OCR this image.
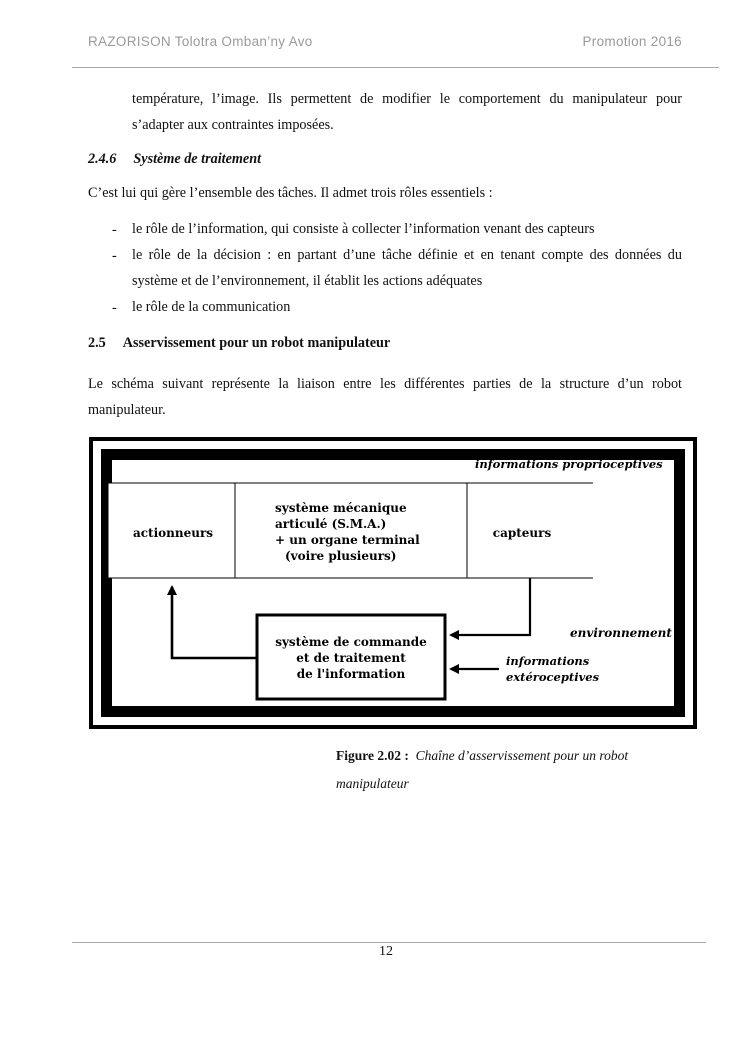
RAZORISON Tolotra Omban’ny Avo	Promotion 2016
température, l’image. Ils permettent de modifier le comportement du manipulateur pour
s’adapter aux contraintes imposées.
2.4.6 Système de traitement
C’est lui qui gère l’ensemble des tâches. Il admet trois rôles essentiels :
- le rôle de l’information, qui consiste à collecter l’information venant des capteurs
- le rôle de la décision : en partant d’une tâche définie et en tenant compte des données du
système et de l’environnement, il établit les actions adéquates
- le rôle de la communication
2.5 Asservissement pour un robot manipulateur
Le schéma suivant représente la liaison entre les différentes parties de la structure d’un robot
manipulateur.
informations proprioceptives
actionneurs
système mécanique
articulé (S.M.A.)
+ un organe terminal
(voire plusieurs)
capteurs
système de commande
et de traitement
de l'information
environnement
informations
extéroceptives
Figure 2.02 : Chaîne d’asservissement pour un robot
manipulateur
12
